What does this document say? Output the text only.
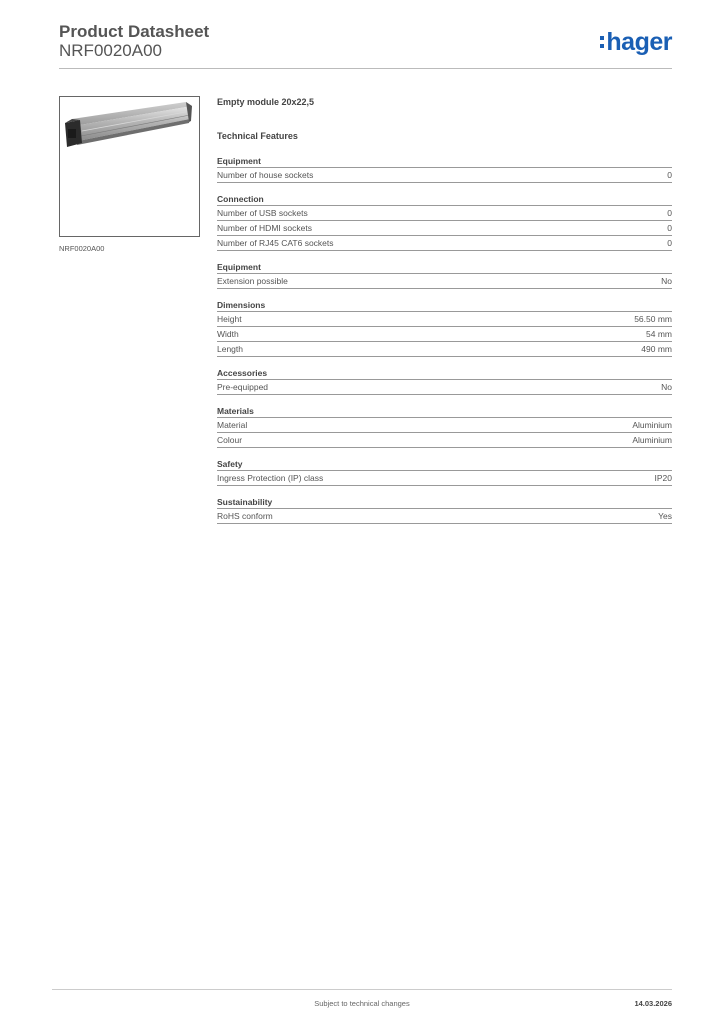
Product Datasheet
NRF0020A00	hager
NRF0020A00
Empty module 20x22,5
Technical Features
Equipment
Number of house sockets	0
Connection
Number of USB sockets	0
Number of HDMI sockets	0
Number of RJ45 CAT6 sockets	0
Equipment
Extension possible	No
Dimensions
Height	56.50 mm
Width	54 mm
Length	490 mm
Accessories
Pre-equipped	No
Materials
Material	Aluminium
Colour	Aluminium
Safety
Ingress Protection (IP) class	IP20
Sustainability
RoHS conform	Yes
Subject to technical changes	14.03.2026
